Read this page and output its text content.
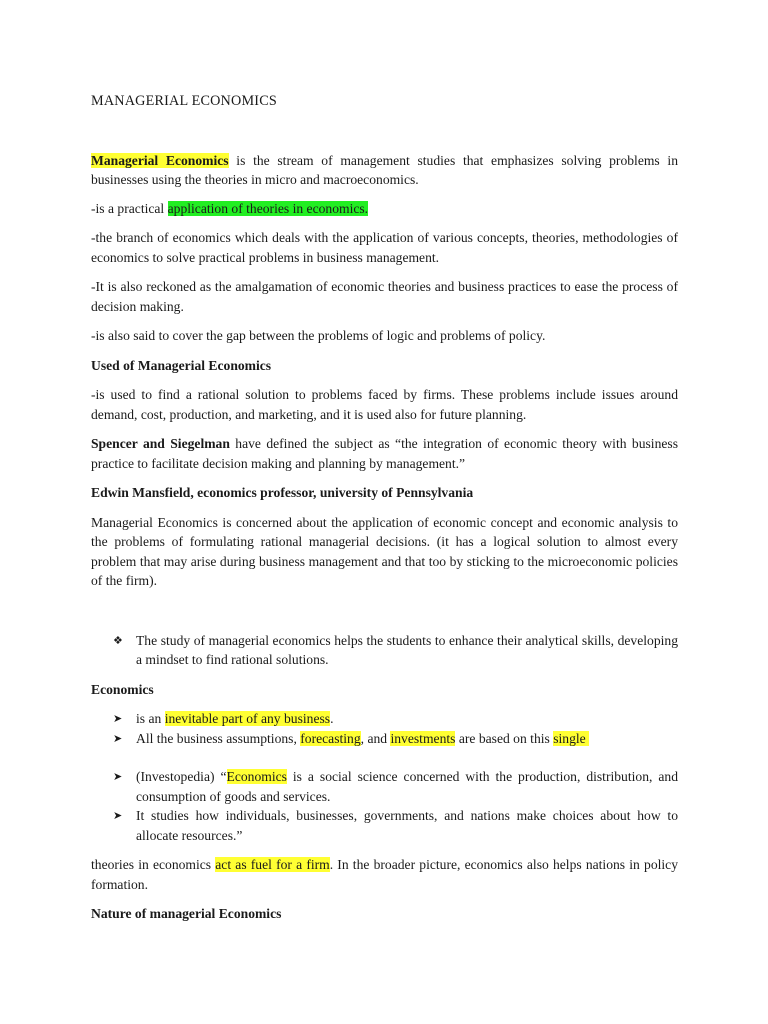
MANAGERIAL ECONOMICS

Managerial Economics is the stream of management studies that emphasizes solving problems in businesses using the theories in micro and macroeconomics.

-is a practical application of theories in economics.

-the branch of economics which deals with the application of various concepts, theories, methodologies of economics to solve practical problems in business management.

-It is also reckoned as the amalgamation of economic theories and business practices to ease the process of decision making.

-is also said to cover the gap between the problems of logic and problems of policy.

Used of Managerial Economics

-is used to find a rational solution to problems faced by firms. These problems include issues around demand, cost, production, and marketing, and it is used also for future planning.

Spencer and Siegelman have defined the subject as “the integration of economic theory with business practice to facilitate decision making and planning by management.”

Edwin Mansfield, economics professor, university of Pennsylvania

Managerial Economics is concerned about the application of economic concept and economic analysis to the problems of formulating rational managerial decisions. (it has a logical solution to almost every problem that may arise during business management and that too by sticking to the microeconomic policies of the firm).

❖ The study of managerial economics helps the students to enhance their analytical skills, developing a mindset to find rational solutions.

Economics

➤ is an inevitable part of any business.
➤ All the business assumptions, forecasting, and investments are based on this single
➤ (Investopedia) “Economics is a social science concerned with the production, distribution, and consumption of goods and services.
➤ It studies how individuals, businesses, governments, and nations make choices about how to allocate resources.”

theories in economics act as fuel for a firm. In the broader picture, economics also helps nations in policy formation.

Nature of managerial Economics
